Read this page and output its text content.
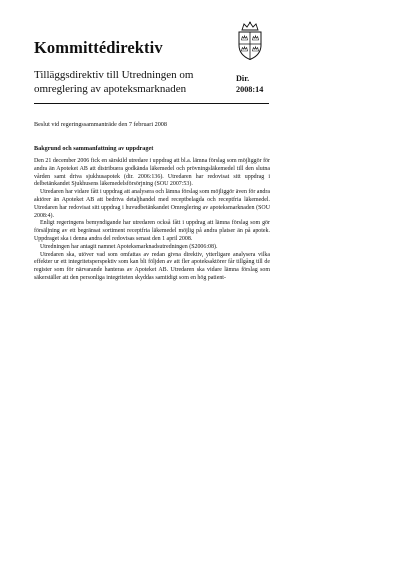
Kommittédirektiv
Tilläggsdirektiv till Utredningen om omreglering av apoteksmarknaden
Dir.
2008:14
Beslut vid regeringssammanträde den 7 februari 2008
Bakgrund och sammanfattning av uppdraget

Den 21 december 2006 fick en särskild utredare i uppdrag att bl.a. lämna förslag som möjliggör för andra än Apoteket AB att distribuera godkända läkemedel och prövningsläkemedel till den slutna vården samt driva sjukhusapotek (dir. 2006:136). Utredaren har redovisat sitt uppdrag i delbetänkandet Sjukhusens läkemedelsförsörjning (SOU 2007:53).

Utredaren har vidare fått i uppdrag att analysera och lämna förslag som möjliggör även för andra aktörer än Apoteket AB att bedriva detaljhandel med receptbelagda och receptfria läkemedel. Utredaren har redovisat sitt uppdrag i huvudbetänkandet Omreglering av apoteksmarknaden (SOU 2008:4).

Enligt regeringens bemyndigande har utredaren också fått i uppdrag att lämna förslag som gör försäljning av ett begränsat sortiment receptfria läkemedel möjlig på andra platser än på apotek. Uppdraget ska i denna andra del redovisas senast den 1 april 2008.

Utredningen har antagit namnet Apoteksmarknadsutredningen (S2006:08).

Utredaren ska, utöver vad som omfattas av redan givna direktiv, ytterligare analysera vilka effekter ur ett integritetsperspektiv som kan bli följden av att fler apoteksaktörer får tillgång till de register som för närvarande hanteras av Apoteket AB. Utredaren ska vidare lämna förslag som säkerställer att den personliga integriteten skyddas samtidigt som en hög patient-
